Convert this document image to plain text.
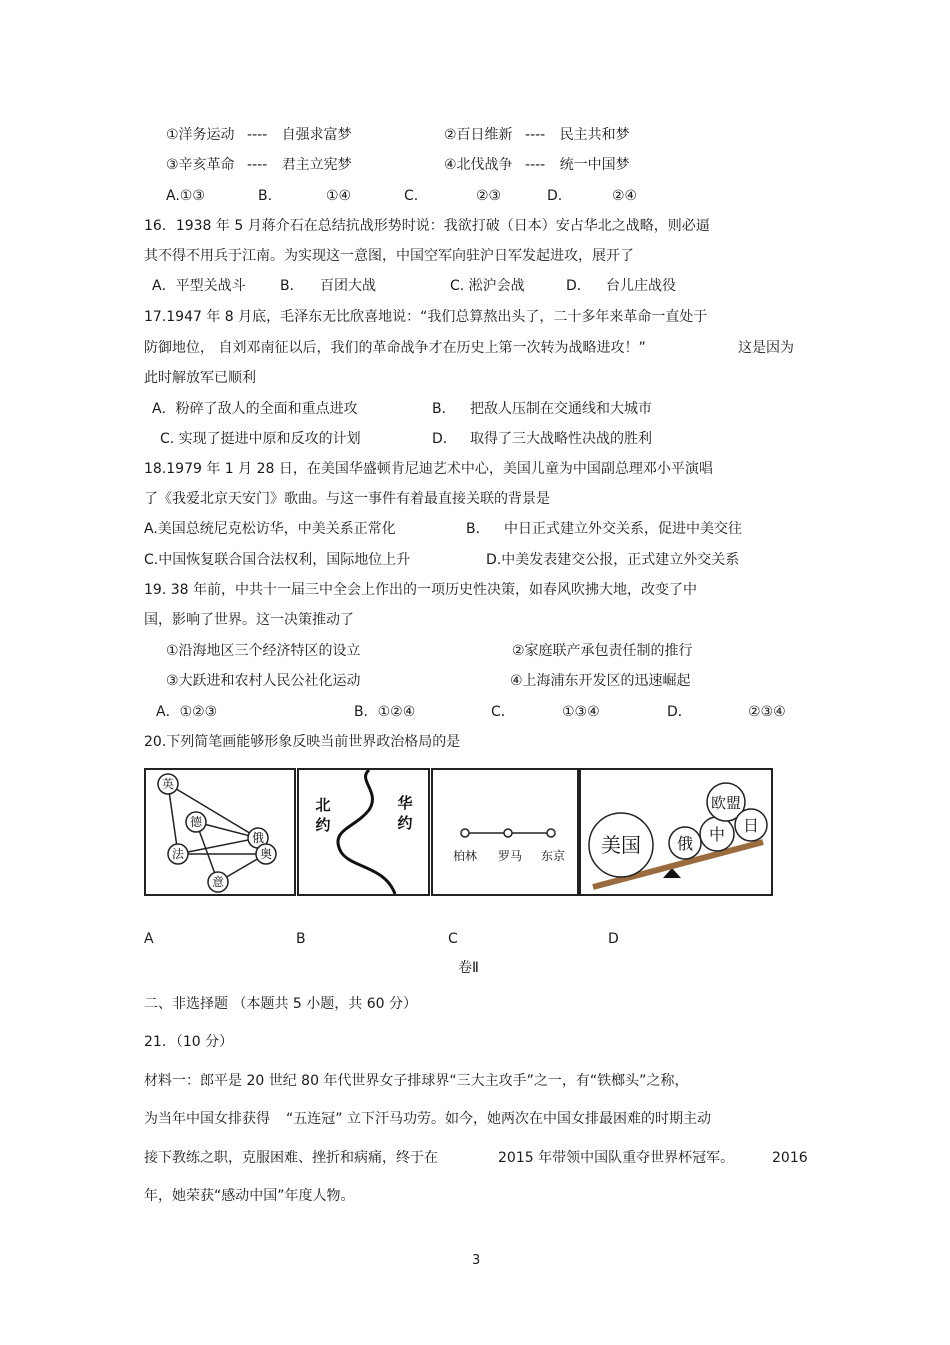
①洋务运动 ---- 自强求富梦	②百日维新 ---- 民主共和梦
③辛亥革命 ---- 君主立宪梦	④北伐战争 ---- 统一中国梦
A.①③	B.	①④	C.	②③	D.	②④
16．1938 年 5 月蒋介石在总结抗战形势时说：我欲打破（日本）安占华北之战略，则必逼
其不得不用兵于江南。为实现这一意图，中国空军向驻沪日军发起进攻，展开了
A．平型关战斗 B． 百团大战	C. 淞沪会战	D． 台儿庄战役
17.1947 年 8 月底，毛泽东无比欣喜地说：“我们总算熬出头了，二十多年来革命一直处于
防御地位， 自刘邓南征以后，我们的革命战争才在历史上第一次转为战略进攻！”	这是因为
此时解放军已顺利
A．粉碎了敌人的全面和重点进攻	B． 把敌人压制在交通线和大城市
C. 实现了挺进中原和反攻的计划	D． 取得了三大战略性决战的胜利
18.1979 年 1 月 28 日，在美国华盛顿肯尼迪艺术中心，美国儿童为中国副总理邓小平演唱
了《我爱北京天安门》歌曲。与这一事件有着最直接关联的背景是
A.美国总统尼克松访华，中美关系正常化	B． 中日正式建立外交关系，促进中美交往
C.中国恢复联合国合法权利，国际地位上升	D.中美发表建交公报，正式建立外交关系
19. 38 年前，中共十一届三中全会上作出的一项历史性决策，如春风吹拂大地，改变了中
国，影响了世界。这一决策推动了
①沿海地区三个经济特区的设立	②家庭联产承包责任制的推行
③大跃进和农村人民公社化运动	④上海浦东开发区的迅速崛起
A．①②③	B．①②④	C．	①③④	D．	②③④
20.下列简笔画能够形象反映当前世界政治格局的是
英
俄
德
法	奥
意
北
约
华
约
柏林 罗马 东京 美国 俄 中
欧盟
日
A	B	C	D
卷Ⅱ
二、非选择题 （本题共 5 小题，共 60 分）
21．（10 分）
材料一：郎平是 20 世纪 80 年代世界女子排球界“三大主攻手”之一，有“铁榔头”之称，
为当年中国女排获得 “五连冠” 立下汗马功劳。如今，她两次在中国女排最困难的时期主动
接下教练之职，克服困难、挫折和病痛，终于在	2015 年带领中国队重夺世界杯冠军。	2016
年，她荣获“感动中国”年度人物。
3
